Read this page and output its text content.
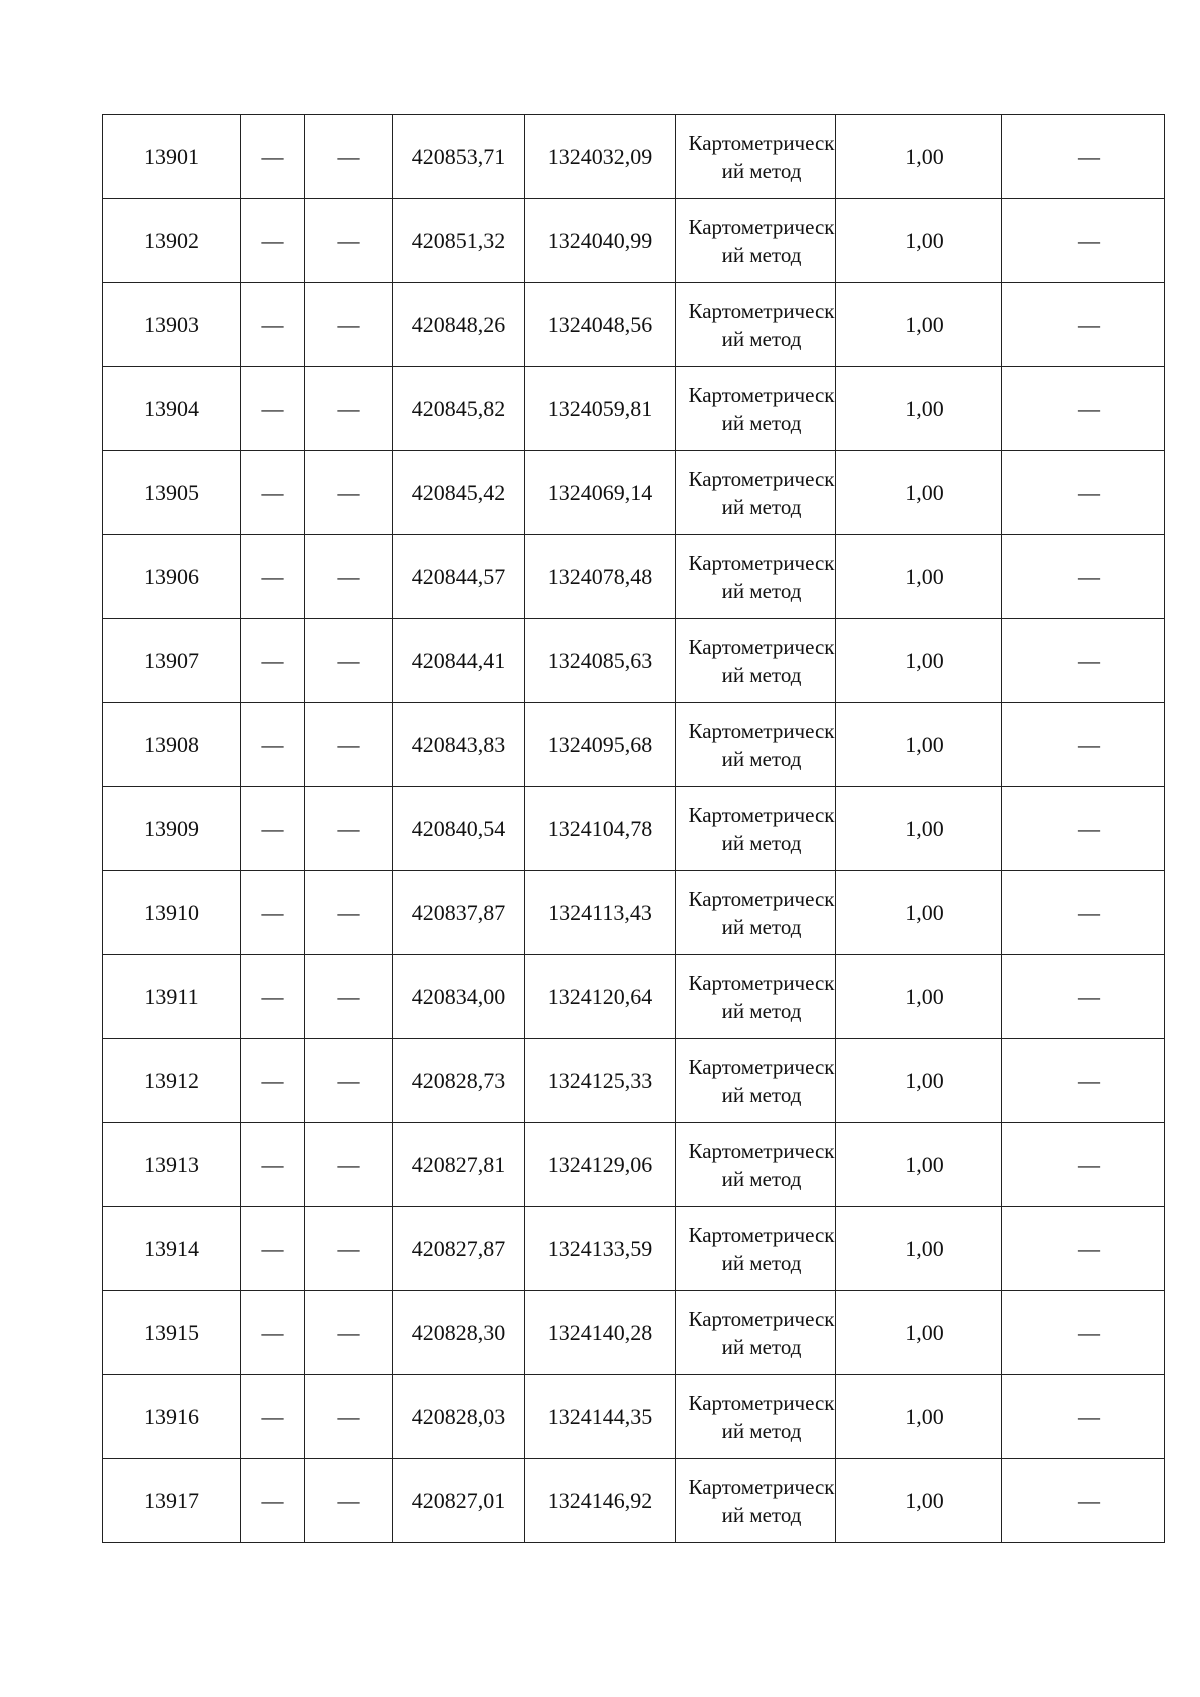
13901	—	—	420853,71	1324032,09	Картометрический метод	1,00	—
13902	—	—	420851,32	1324040,99	Картометрический метод	1,00	—
13903	—	—	420848,26	1324048,56	Картометрический метод	1,00	—
13904	—	—	420845,82	1324059,81	Картометрический метод	1,00	—
13905	—	—	420845,42	1324069,14	Картометрический метод	1,00	—
13906	—	—	420844,57	1324078,48	Картометрический метод	1,00	—
13907	—	—	420844,41	1324085,63	Картометрический метод	1,00	—
13908	—	—	420843,83	1324095,68	Картометрический метод	1,00	—
13909	—	—	420840,54	1324104,78	Картометрический метод	1,00	—
13910	—	—	420837,87	1324113,43	Картометрический метод	1,00	—
13911	—	—	420834,00	1324120,64	Картометрический метод	1,00	—
13912	—	—	420828,73	1324125,33	Картометрический метод	1,00	—
13913	—	—	420827,81	1324129,06	Картометрический метод	1,00	—
13914	—	—	420827,87	1324133,59	Картометрический метод	1,00	—
13915	—	—	420828,30	1324140,28	Картометрический метод	1,00	—
13916	—	—	420828,03	1324144,35	Картометрический метод	1,00	—
13917	—	—	420827,01	1324146,92	Картометрический метод	1,00	—
